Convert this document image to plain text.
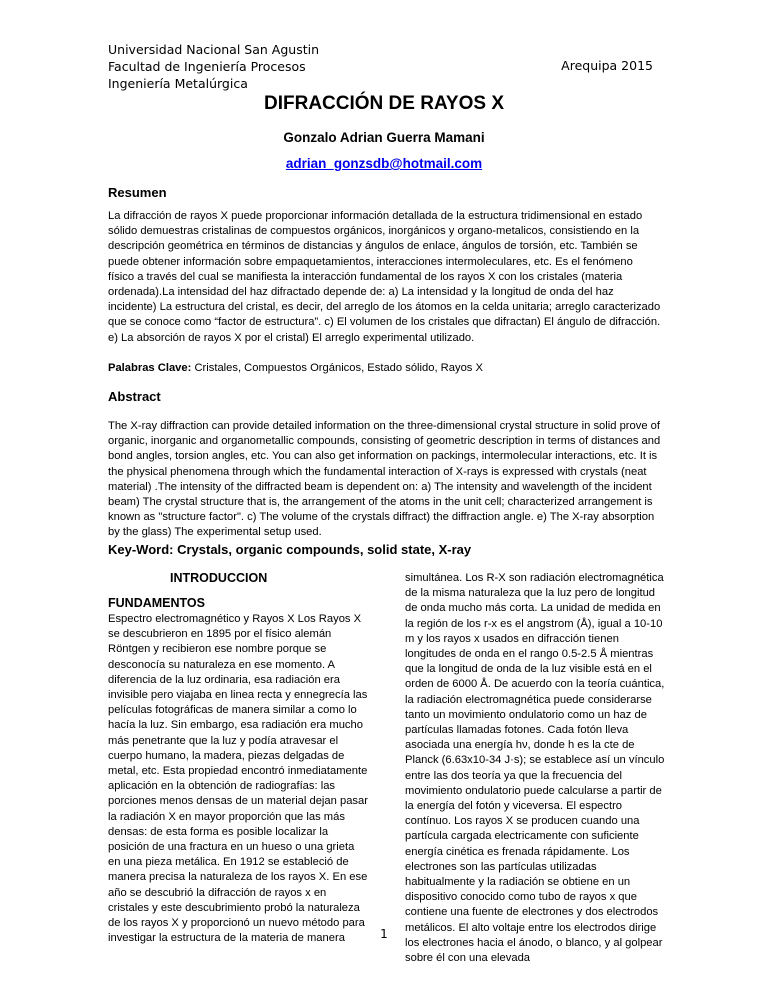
Universidad Nacional San Agustin
Facultad de Ingeniería Procesos
Ingeniería Metalúrgica
Arequipa 2015
DIFRACCIÓN DE RAYOS X
Gonzalo Adrian Guerra Mamani
adrian_gonzsdb@hotmail.com
Resumen
La difracción de rayos X puede proporcionar información detallada de la estructura tridimensional en estado sólido demuestras cristalinas de compuestos orgánicos, inorgánicos y organo-metalicos, consistiendo en la descripción geométrica en términos de distancias y ángulos de enlace, ángulos de torsión, etc. También se puede obtener información sobre empaquetamientos, interacciones intermoleculares, etc. Es el fenómeno físico a través del cual se manifiesta la interacción fundamental de los rayos X con los cristales (materia ordenada).La intensidad del haz difractado depende de: a) La intensidad y la longitud de onda del haz incidente) La estructura del cristal, es decir, del arreglo de los átomos en la celda unitaria; arreglo caracterizado que se conoce como “factor de estructura”. c) El volumen de los cristales que difractan) El ángulo de difracción. e) La absorción de rayos X por el cristal) El arreglo experimental utilizado.
Palabras Clave: Cristales, Compuestos Orgánicos, Estado sólido, Rayos X
Abstract
The X-ray diffraction can provide detailed information on the three-dimensional crystal structure in solid prove of organic, inorganic and organometallic compounds, consisting of geometric description in terms of distances and bond angles, torsion angles, etc. You can also get information on packings, intermolecular interactions, etc. It is the physical phenomena through which the fundamental interaction of X-rays is expressed with crystals (neat material) .The intensity of the diffracted beam is dependent on: a) The intensity and wavelength of the incident beam) The crystal structure that is, the arrangement of the atoms in the unit cell; characterized arrangement is known as "structure factor". c) The volume of the crystals diffract) the diffraction angle. e) The X-ray absorption by the glass) The experimental setup used.
Key-Word: Crystals, organic compounds, solid state, X-ray
INTRODUCCION
FUNDAMENTOS
Espectro electromagnético y Rayos X Los Rayos X se descubrieron en 1895 por el físico alemán Röntgen y recibieron ese nombre porque se desconocía su naturaleza en ese momento. A diferencia de la luz ordinaria, esa radiación era invisible pero viajaba en linea recta y ennegrecía las películas fotográficas de manera similar a como lo hacía la luz. Sin embargo, esa radiación era mucho más penetrante que la luz y podía atravesar el cuerpo humano, la madera, piezas delgadas de metal, etc. Esta propiedad encontró inmediatamente aplicación en la obtención de radiografías: las porciones menos densas de un material dejan pasar la radiación X en mayor proporción que las más densas: de esta forma es posible localizar la posición de una fractura en un hueso o una grieta en una pieza metálica. En 1912 se estableció de manera precisa la naturaleza de los rayos X. En ese año se descubrió la difracción de rayos x en cristales y este descubrimiento probó la naturaleza de los rayos X y proporcionó un nuevo método para investigar la estructura de la materia de manera
simultánea. Los R-X son radiación electromagnética de la misma naturaleza que la luz pero de longitud de onda mucho más corta. La unidad de medida en la región de los r-x es el angstrom (Å), igual a 10-10 m y los rayos x usados en difracción tienen longitudes de onda en el rango 0.5-2.5 Å mientras que la longitud de onda de la luz visible está en el orden de 6000 Å. De acuerdo con la teoría cuántica, la radiación electromagnética puede considerarse tanto un movimiento ondulatorio como un haz de partículas llamadas fotones. Cada fotón lleva asociada una energía hν, donde h es la cte de Planck (6.63x10-34 J·s); se establece así un vínculo entre las dos teoría ya que la frecuencia del movimiento ondulatorio puede calcularse a partir de la energía del fotón y viceversa. El espectro contínuo. Los rayos X se producen cuando una partícula cargada electricamente con suficiente energía cinética es frenada rápidamente. Los electrones son las partículas utilizadas habitualmente y la radiación se obtiene en un dispositivo conocido como tubo de rayos x que contiene una fuente de electrones y dos electrodos metálicos. El alto voltaje entre los electrodos dirige los electrones hacia el ánodo, o blanco, y al golpear sobre él con una elevada
1
